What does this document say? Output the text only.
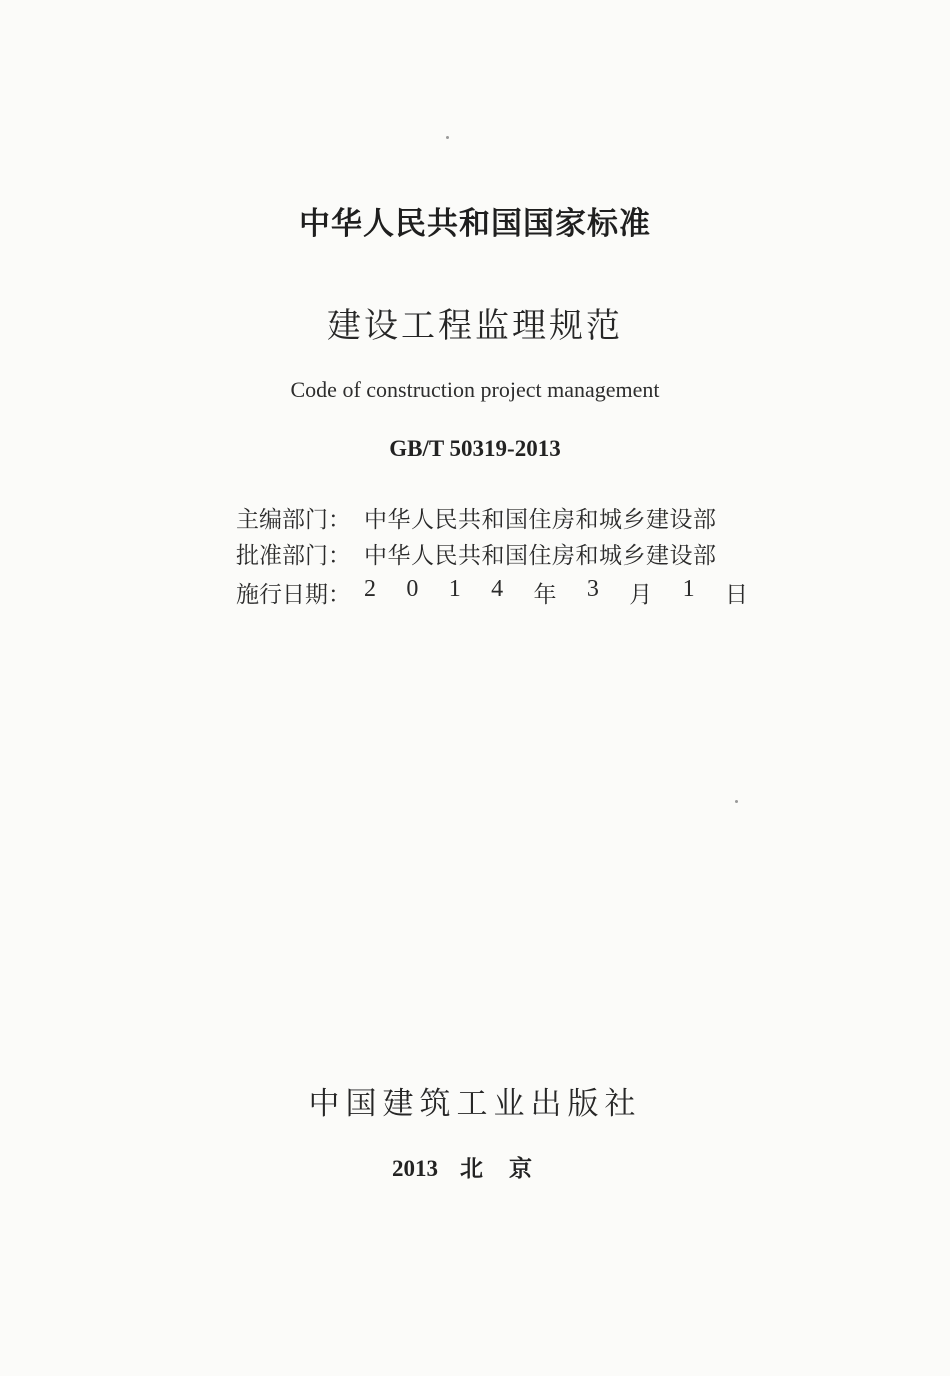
中华人民共和国国家标准
建设工程监理规范
Code of construction project management
GB/T 50319-2013
主编部门： 中华人民共和国住房和城乡建设部
批准部门： 中华人民共和国住房和城乡建设部
施行日期： 2 0 1 4 年 3 月 1 日
中国建筑工业出版社
2013 北京
